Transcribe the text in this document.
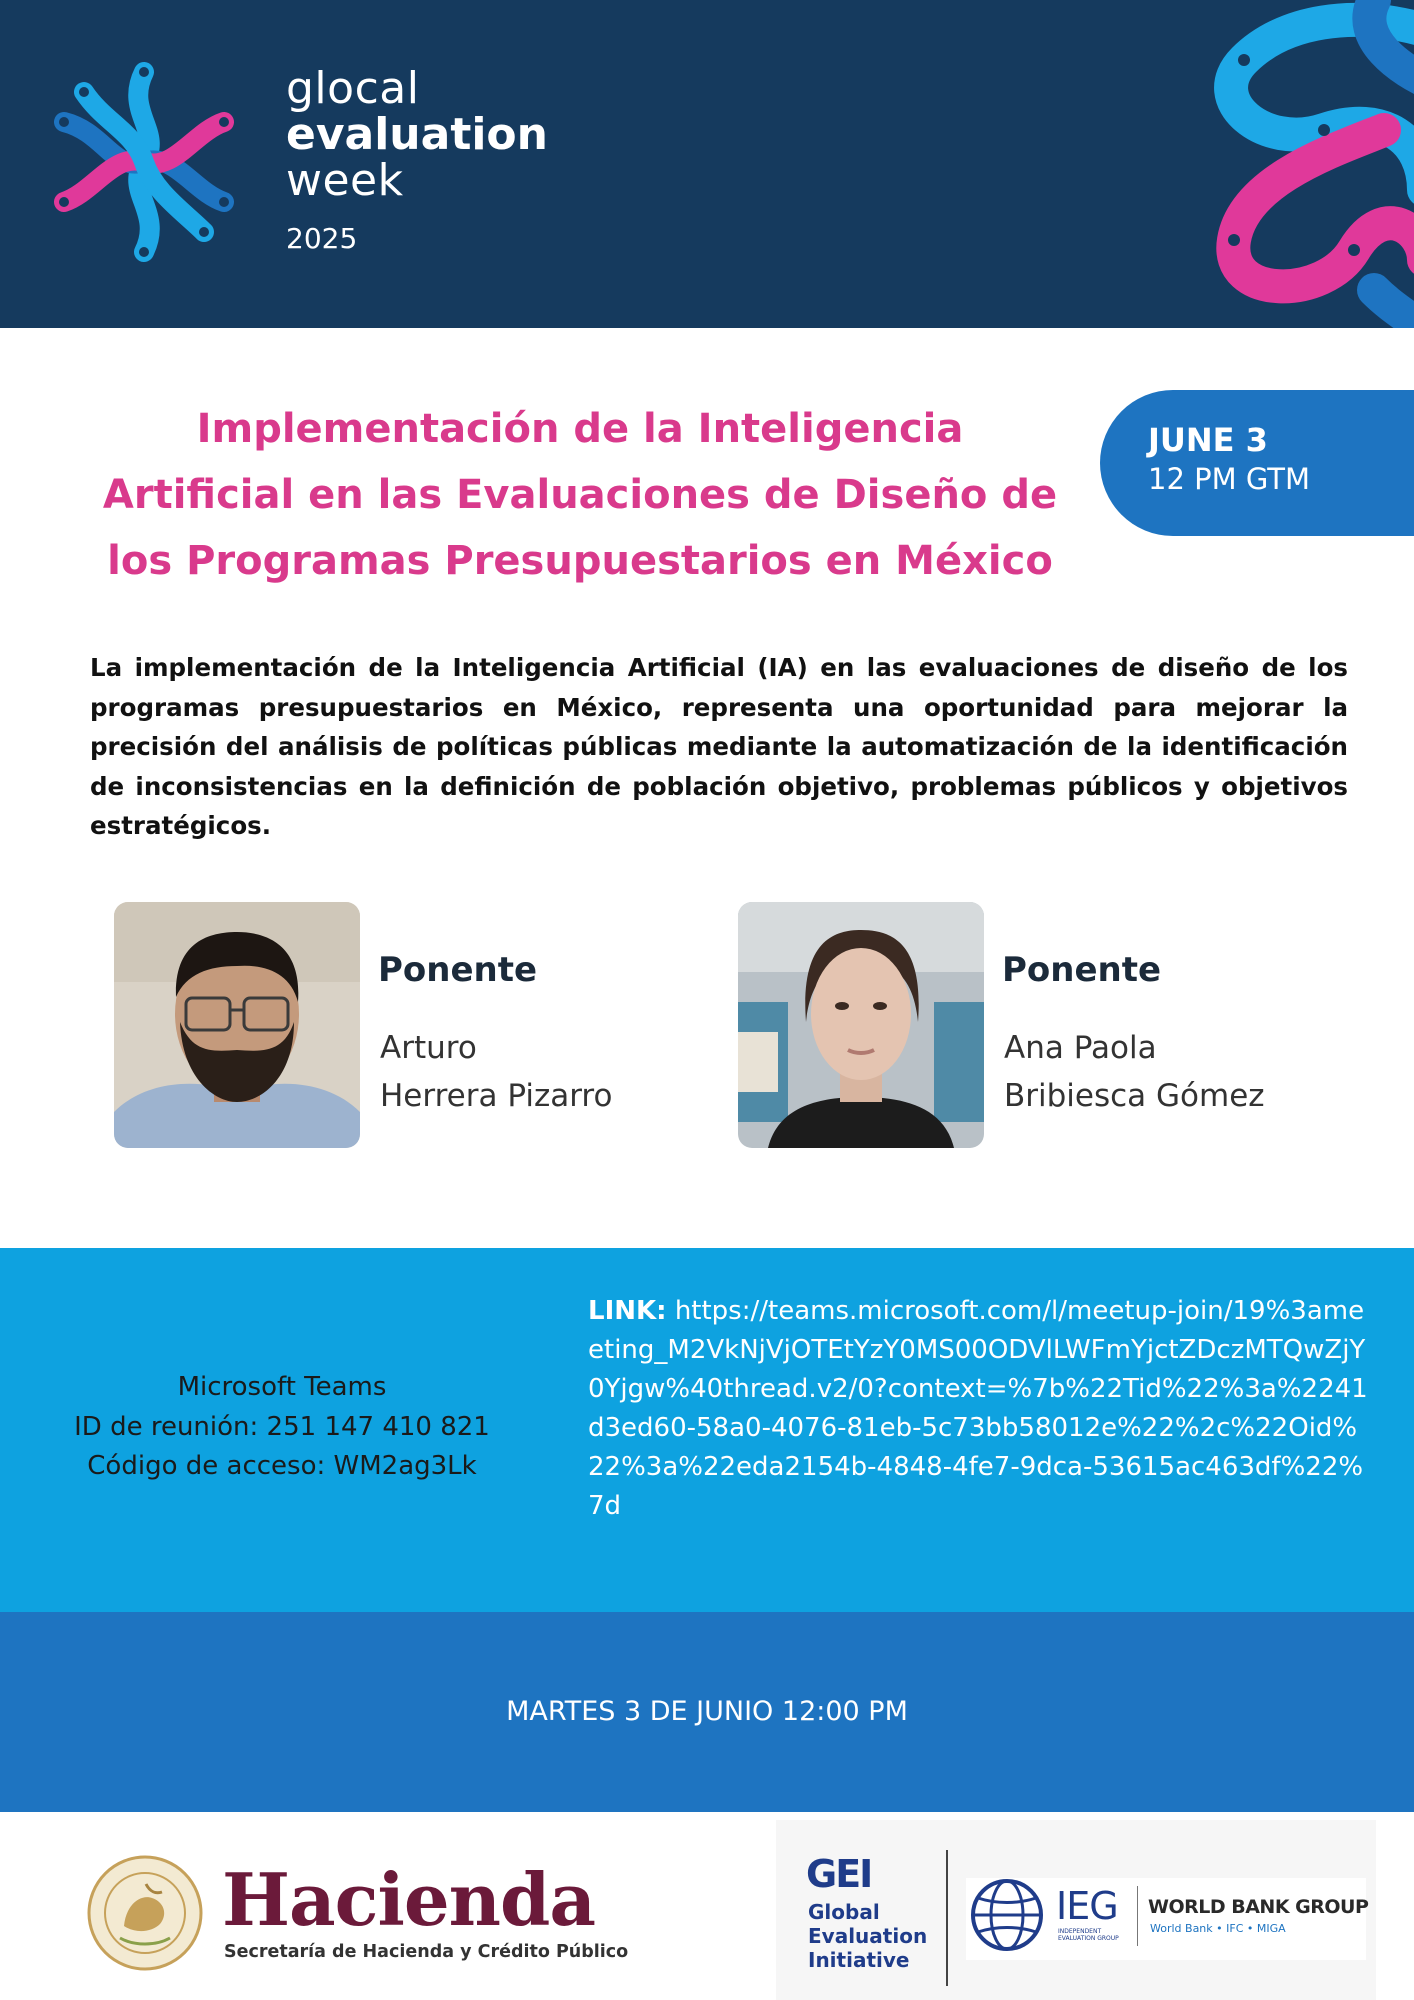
glocal
evaluation
week
2025
Implementación de la Inteligencia
Artificial en las Evaluaciones de Diseño de
los Programas Presupuestarios en México
JUNE 3
12 PM GTM

La implementación de la Inteligencia Artificial (IA) en las evaluaciones de diseño de los programas presupuestarios en México, representa una oportunidad para mejorar la precisión del análisis de políticas públicas mediante la automatización de la identificación de inconsistencias en la definición de población objetivo, problemas públicos y objetivos estratégicos.

Ponente
Arturo
Herrera Pizarro
Ponente
Ana Paola
Bribiesca Gómez
Microsoft Teams
ID de reunión: 251 147 410 821
Código de acceso: WM2ag3Lk
LINK: https://teams.microsoft.com/l/meetup-join/19%3ameeting_M2VkNjVjOTEtYzY0MS00ODVlLWFmYjctZDczMTQwZjY0Yjgw%40thread.v2/0?context=%7b%22Tid%22%3a%2241d3ed60-58a0-4076-81eb-5c73bb58012e%22%2c%22Oid%22%3a%22eda2154b-4848-4fe7-9dca-53615ac463df%22%7d
MARTES 3 DE JUNIO 12:00 PM
Hacienda
Secretaría de Hacienda y Crédito Público
GEI
Global
Evaluation
Initiative
IEG
INDEPENDENT EVALUATION GROUP
WORLD BANK GROUP
World Bank • IFC • MIGA
